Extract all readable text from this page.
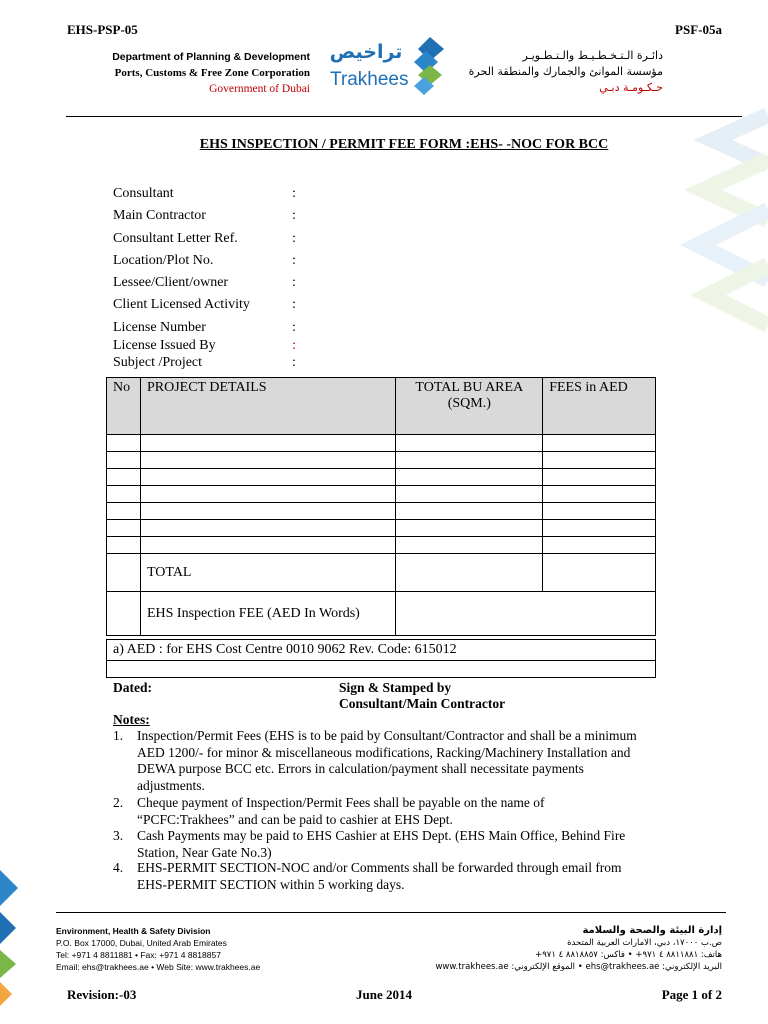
EHS-PSP-05	PSF-05a
Department of Planning & Development
Ports, Customs & Free Zone Corporation
Government of Dubai
تراخيص
Trakhees
دائـرة الـتـخـطـيـط والـتـطـويـر
مؤسسة الموانئ والجمارك والمنطقة الحرة
حـكـومـة دبـي
EHS INSPECTION / PERMIT FEE FORM :EHS- -NOC FOR BCC
Consultant	:
Main Contractor	:
Consultant Letter Ref.	:
Location/Plot No.	:
Lessee/Client/owner	:
Client Licensed Activity	:
License Number	:
License Issued By	:
Subject /Project	:
No	PROJECT DETAILS	TOTAL BU AREA (SQM.)	FEES in AED

	TOTAL		
	EHS Inspection FEE (AED In Words)		
a) AED : for EHS Cost Centre 0010 9062 Rev. Code: 615012

Dated:	Sign & Stamped by
Consultant/Main Contractor
Notes:
1. Inspection/Permit Fees (EHS is to be paid by Consultant/Contractor and shall be a minimum
AED 1200/- for minor & miscellaneous modifications, Racking/Machinery Installation and
DEWA purpose BCC etc. Errors in calculation/payment shall necessitate payments
adjustments.
2. Cheque payment of Inspection/Permit Fees shall be payable on the name of
“PCFC:Trakhees” and can be paid to cashier at EHS Dept.
3. Cash Payments may be paid to EHS Cashier at EHS Dept. (EHS Main Office, Behind Fire
Station, Near Gate No.3)
4. EHS-PERMIT SECTION-NOC and/or Comments shall be forwarded through email from
EHS-PERMIT SECTION within 5 working days.
Environment, Health & Safety Division
P.O. Box 17000, Dubai, United Arab Emirates
Tel: +971 4 8811881 • Fax: +971 4 8818857
Email: ehs@trakhees.ae • Web Site: www.trakhees.ae
إدارة البيئة والصحة والسلامة
ص.ب ١٧٠٠٠، دبي، الامارات العربية المتحدة
هاتف: ٨٨١١٨٨١ ٤ ٩٧١+ • فاكس: ٨٨١٨٨٥٧ ٤ ٩٧١+
البريد الإلكتروني: ehs@trakhees.ae • الموقع الإلكتروني: www.trakhees.ae
Revision:-03	June 2014	Page 1 of 2
